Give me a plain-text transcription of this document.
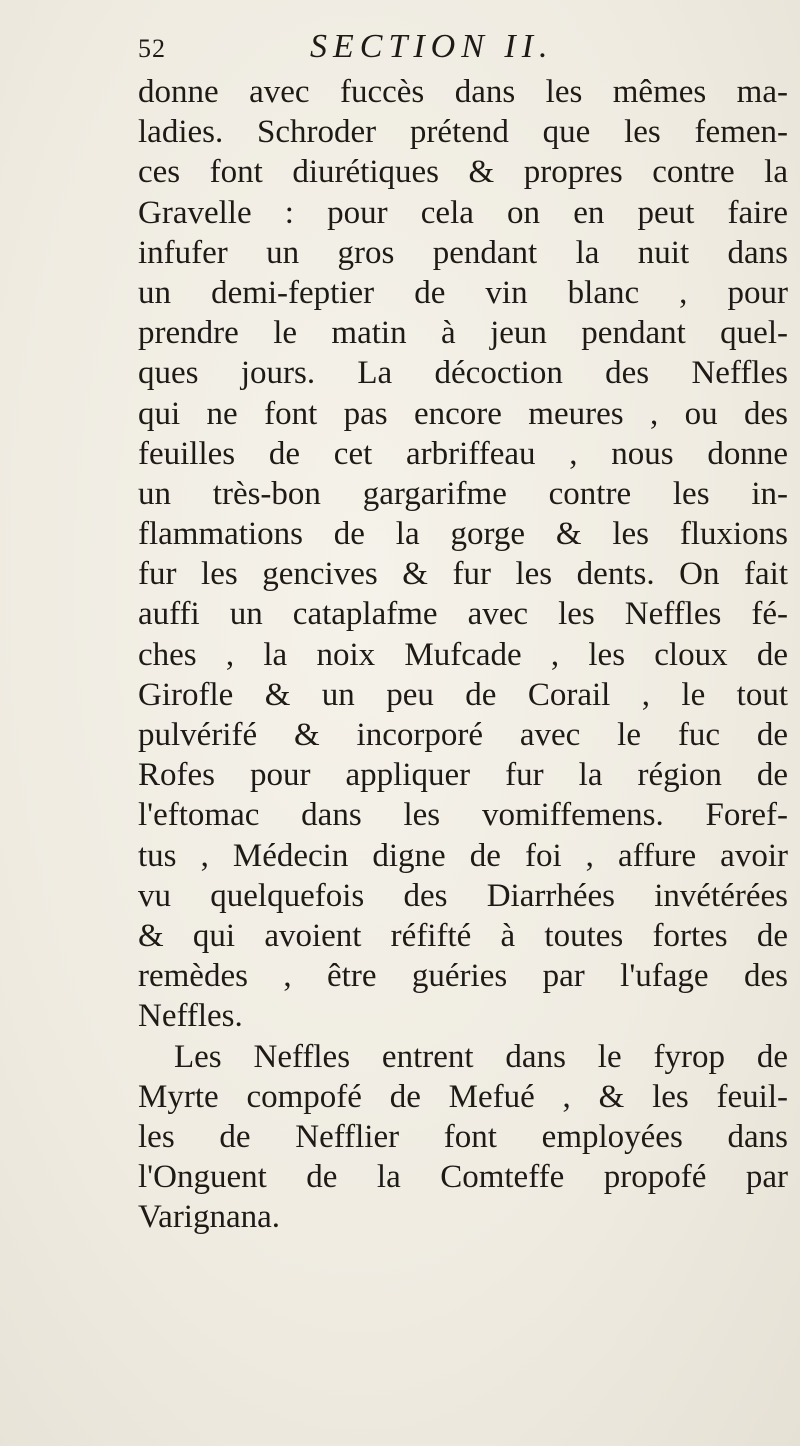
52	SECTION II.
donne avec fuccès dans les mêmes ma-
ladies. Schroder prétend que les femen-
ces font diurétiques & propres contre la
Gravelle : pour cela on en peut faire
infufer un gros pendant la nuit dans
un demi-feptier de vin blanc , pour
prendre le matin à jeun pendant quel-
ques jours. La décoction des Neffles
qui ne font pas encore meures , ou des
feuilles de cet arbriffeau , nous donne
un très-bon gargarifme contre les in-
flammations de la gorge & les fluxions
fur les gencives & fur les dents. On fait
auffi un cataplafme avec les Neffles fé-
ches , la noix Mufcade , les cloux de
Girofle & un peu de Corail , le tout
pulvérifé & incorporé avec le fuc de
Rofes pour appliquer fur la région de
l'eftomac dans les vomiffemens. Foref-
tus , Médecin digne de foi , affure avoir
vu quelquefois des Diarrhées invétérées
& qui avoient réfifté à toutes fortes de
remèdes , être guéries par l'ufage des
Neffles.
Les Neffles entrent dans le fyrop de
Myrte compofé de Mefué , & les feuil-
les de Nefflier font employées dans
l'Onguent de la Comteffe propofé par
Varignana.
